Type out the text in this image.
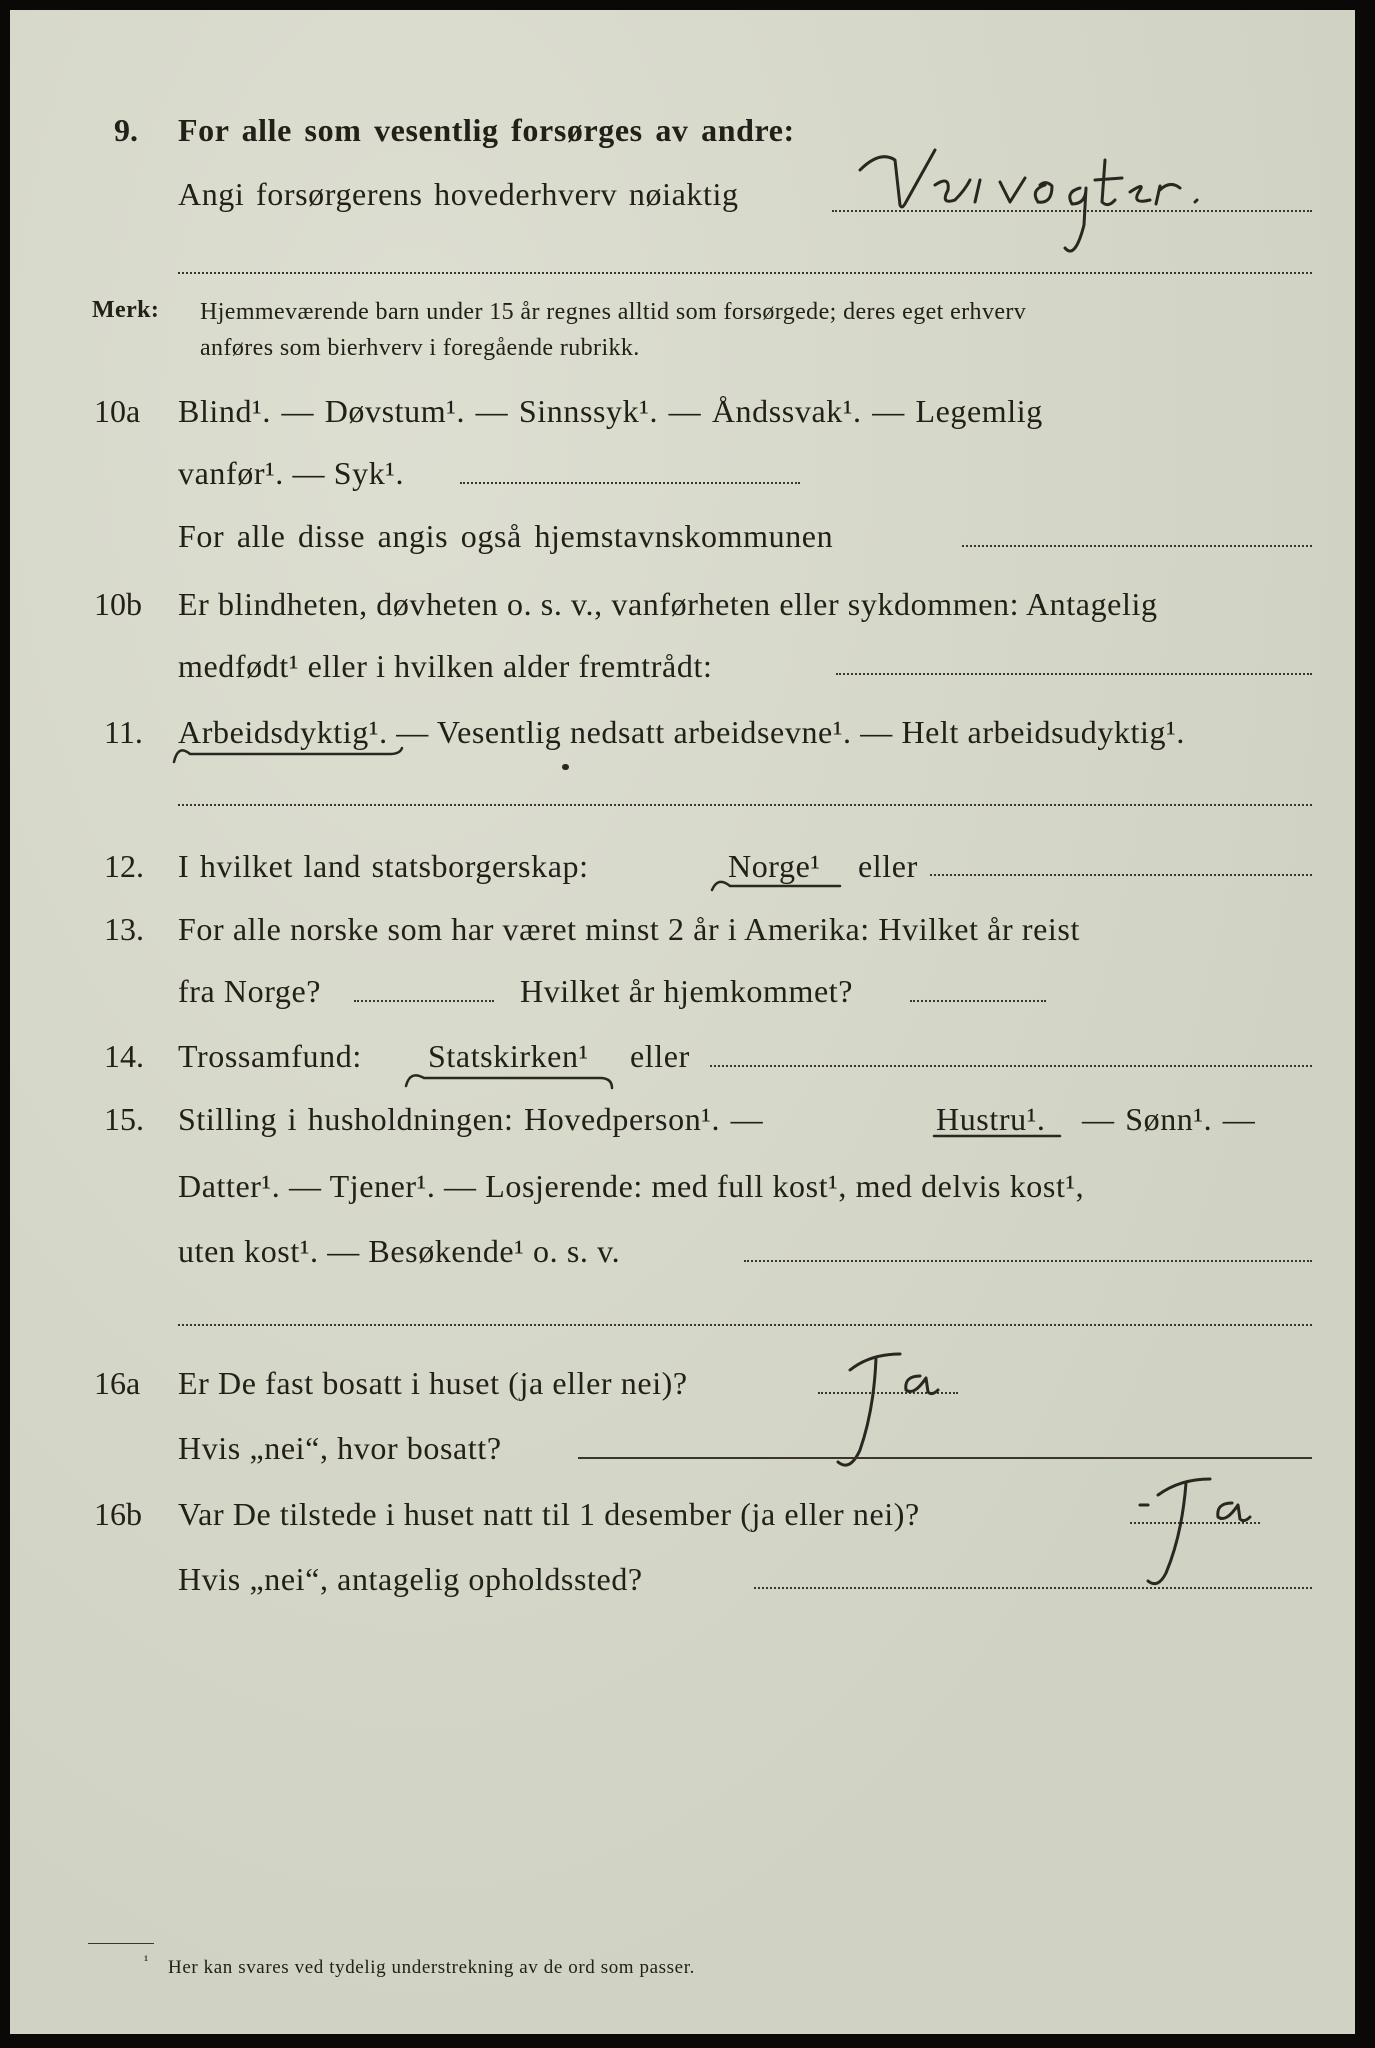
9. For alle som vesentlig forsørges av andre:
Angi forsørgerens hovederhverv nøiaktig
Merk: Hjemmeværende barn under 15 år regnes alltid som forsørgede; deres eget erhverv
anføres som bierhverv i foregående rubrikk.
10a Blind¹. — Døvstum¹. — Sinnssyk¹. — Åndssvak¹. — Legemlig
vanfør¹. — Syk¹.
For alle disse angis også hjemstavnskommunen
10b Er blindheten, døvheten o. s. v., vanførheten eller sykdommen: Antagelig
medfødt¹ eller i hvilken alder fremtrådt:
11. Arbeidsdyktig¹. — Vesentlig nedsatt arbeidsevne¹. — Helt arbeidsudyktig¹.
12. I hvilket land statsborgerskap:	Norge¹ eller
13. For alle norske som har været minst 2 år i Amerika: Hvilket år reist
fra Norge?	Hvilket år hjemkommet?
14. Trossamfund: Statskirken¹ eller
15. Stilling i husholdningen: Hovedperson¹. —	Hustru¹. — Sønn¹. —
Datter¹. — Tjener¹. — Losjerende: med full kost¹, med delvis kost¹,
uten kost¹. — Besøkende¹ o. s. v.
16a Er De fast bosatt i huset (ja eller nei)?
Hvis „nei“, hvor bosatt?
16b Var De tilstede i huset natt til 1 desember (ja eller nei)?
Hvis „nei“, antagelig opholdssted?
¹ Her kan svares ved tydelig understrekning av de ord som passer.
